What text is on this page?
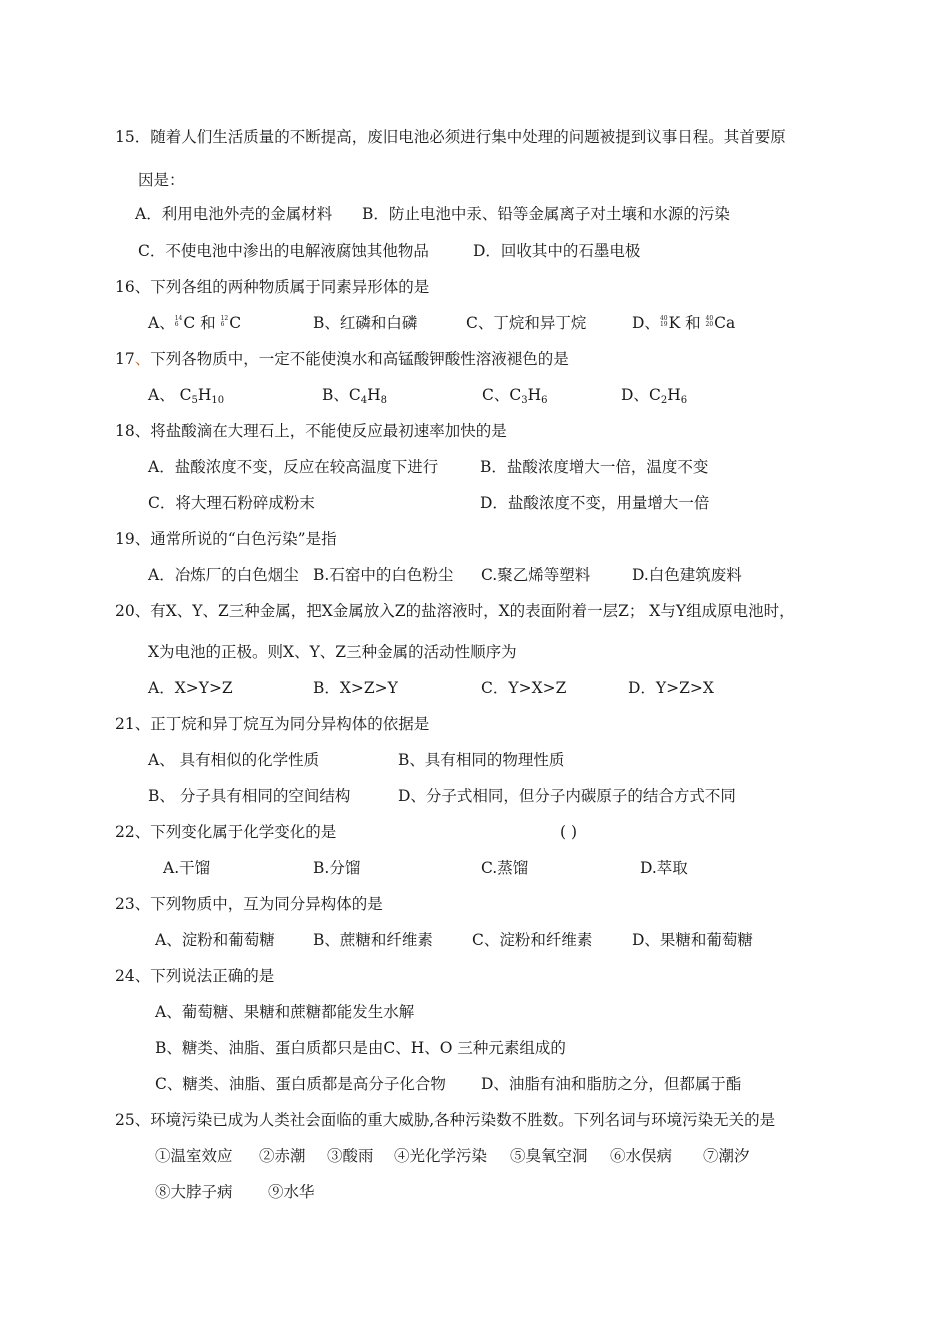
15．随着人们生活质量的不断提高，废旧电池必须进行集中处理的问题被提到议事日程。其首要原
因是：
A．利用电池外壳的金属材料 B．防止电池中汞、铅等金属离子对土壤和水源的污染
C．不使电池中渗出的电解液腐蚀其他物品	D．回收其中的石墨电极
16、下列各组的两种物质属于同素异形体的是
A、14
6 C 和 12
6 C	B、红磷和白磷	C、丁烷和异丁烷	D、40
19K 和 40
20Ca
17、下列各物质中，一定不能使溴水和高锰酸钾酸性溶液褪色的是
A、 $C_5H_{10}$	B、$C_4H_8$	C、$C_3H_6$	D、$C_2H_6$
18、将盐酸滴在大理石上，不能使反应最初速率加快的是
A．盐酸浓度不变，反应在较高温度下进行	B．盐酸浓度增大一倍，温度不变
C．将大理石粉碎成粉末	D．盐酸浓度不变，用量增大一倍
19、通常所说的“白色污染”是指
A．冶炼厂的白色烟尘 B.石窑中的白色粉尘 C.聚乙烯等塑料	D.白色建筑废料
20、有X、Y、Z三种金属，把X金属放入Z的盐溶液时，X的表面附着一层Z； X与Y组成原电池时，
X为电池的正极。则X、Y、Z三种金属的活动性顺序为
A．X>Y>Z	B．X>Z>Y	C．Y>X>Z	D．Y>Z>X
21、正丁烷和异丁烷互为同分异构体的依据是
A、 具有相似的化学性质	B、具有相同的物理性质
B、 分子具有相同的空间结构	D、分子式相同，但分子内碳原子的结合方式不同
22、下列变化属于化学变化的是	( )
A.干馏	B.分馏	C.蒸馏	D.萃取
23、下列物质中，互为同分异构体的是
A、淀粉和葡萄糖 B、蔗糖和纤维素	C、淀粉和纤维素	D、果糖和葡萄糖
24、下列说法正确的是
A、葡萄糖、果糖和蔗糖都能发生水解
B、糖类、油脂、蛋白质都只是由C、H、O 三种元素组成的
C、糖类、油脂、蛋白质都是高分子化合物 D、油脂有油和脂肪之分，但都属于酯
25、环境污染已成为人类社会面临的重大威胁,各种污染数不胜数。下列名词与环境污染无关的是
①温室效应 ②赤潮 ③酸雨 ④光化学污染 ⑤臭氧空洞 ⑥水俣病 ⑦潮汐
⑧大脖子病 ⑨水华
